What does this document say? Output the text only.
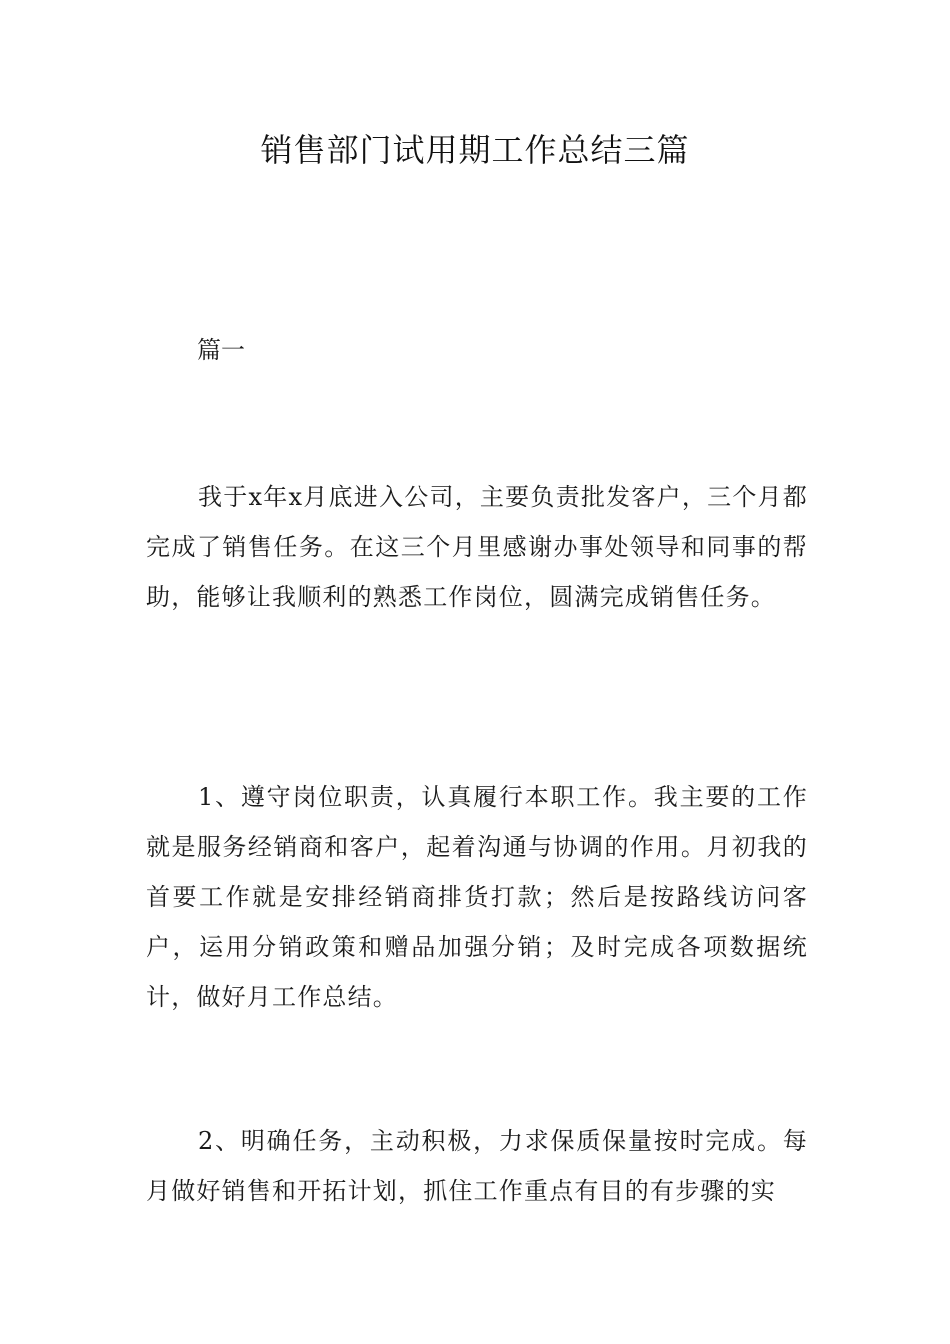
销售部门试用期工作总结三篇

篇一

我于x年x月底进入公司，主要负责批发客户，三个月都完成了销售任务。在这三个月里感谢办事处领导和同事的帮助，能够让我顺利的熟悉工作岗位，圆满完成销售任务。

1、遵守岗位职责，认真履行本职工作。我主要的工作就是服务经销商和客户，起着沟通与协调的作用。月初我的首要工作就是安排经销商排货打款；然后是按路线访问客户，运用分销政策和赠品加强分销；及时完成各项数据统计，做好月工作总结。

2、明确任务，主动积极，力求保质保量按时完成。每月做好销售和开拓计划，抓住工作重点有目的有步骤的实
